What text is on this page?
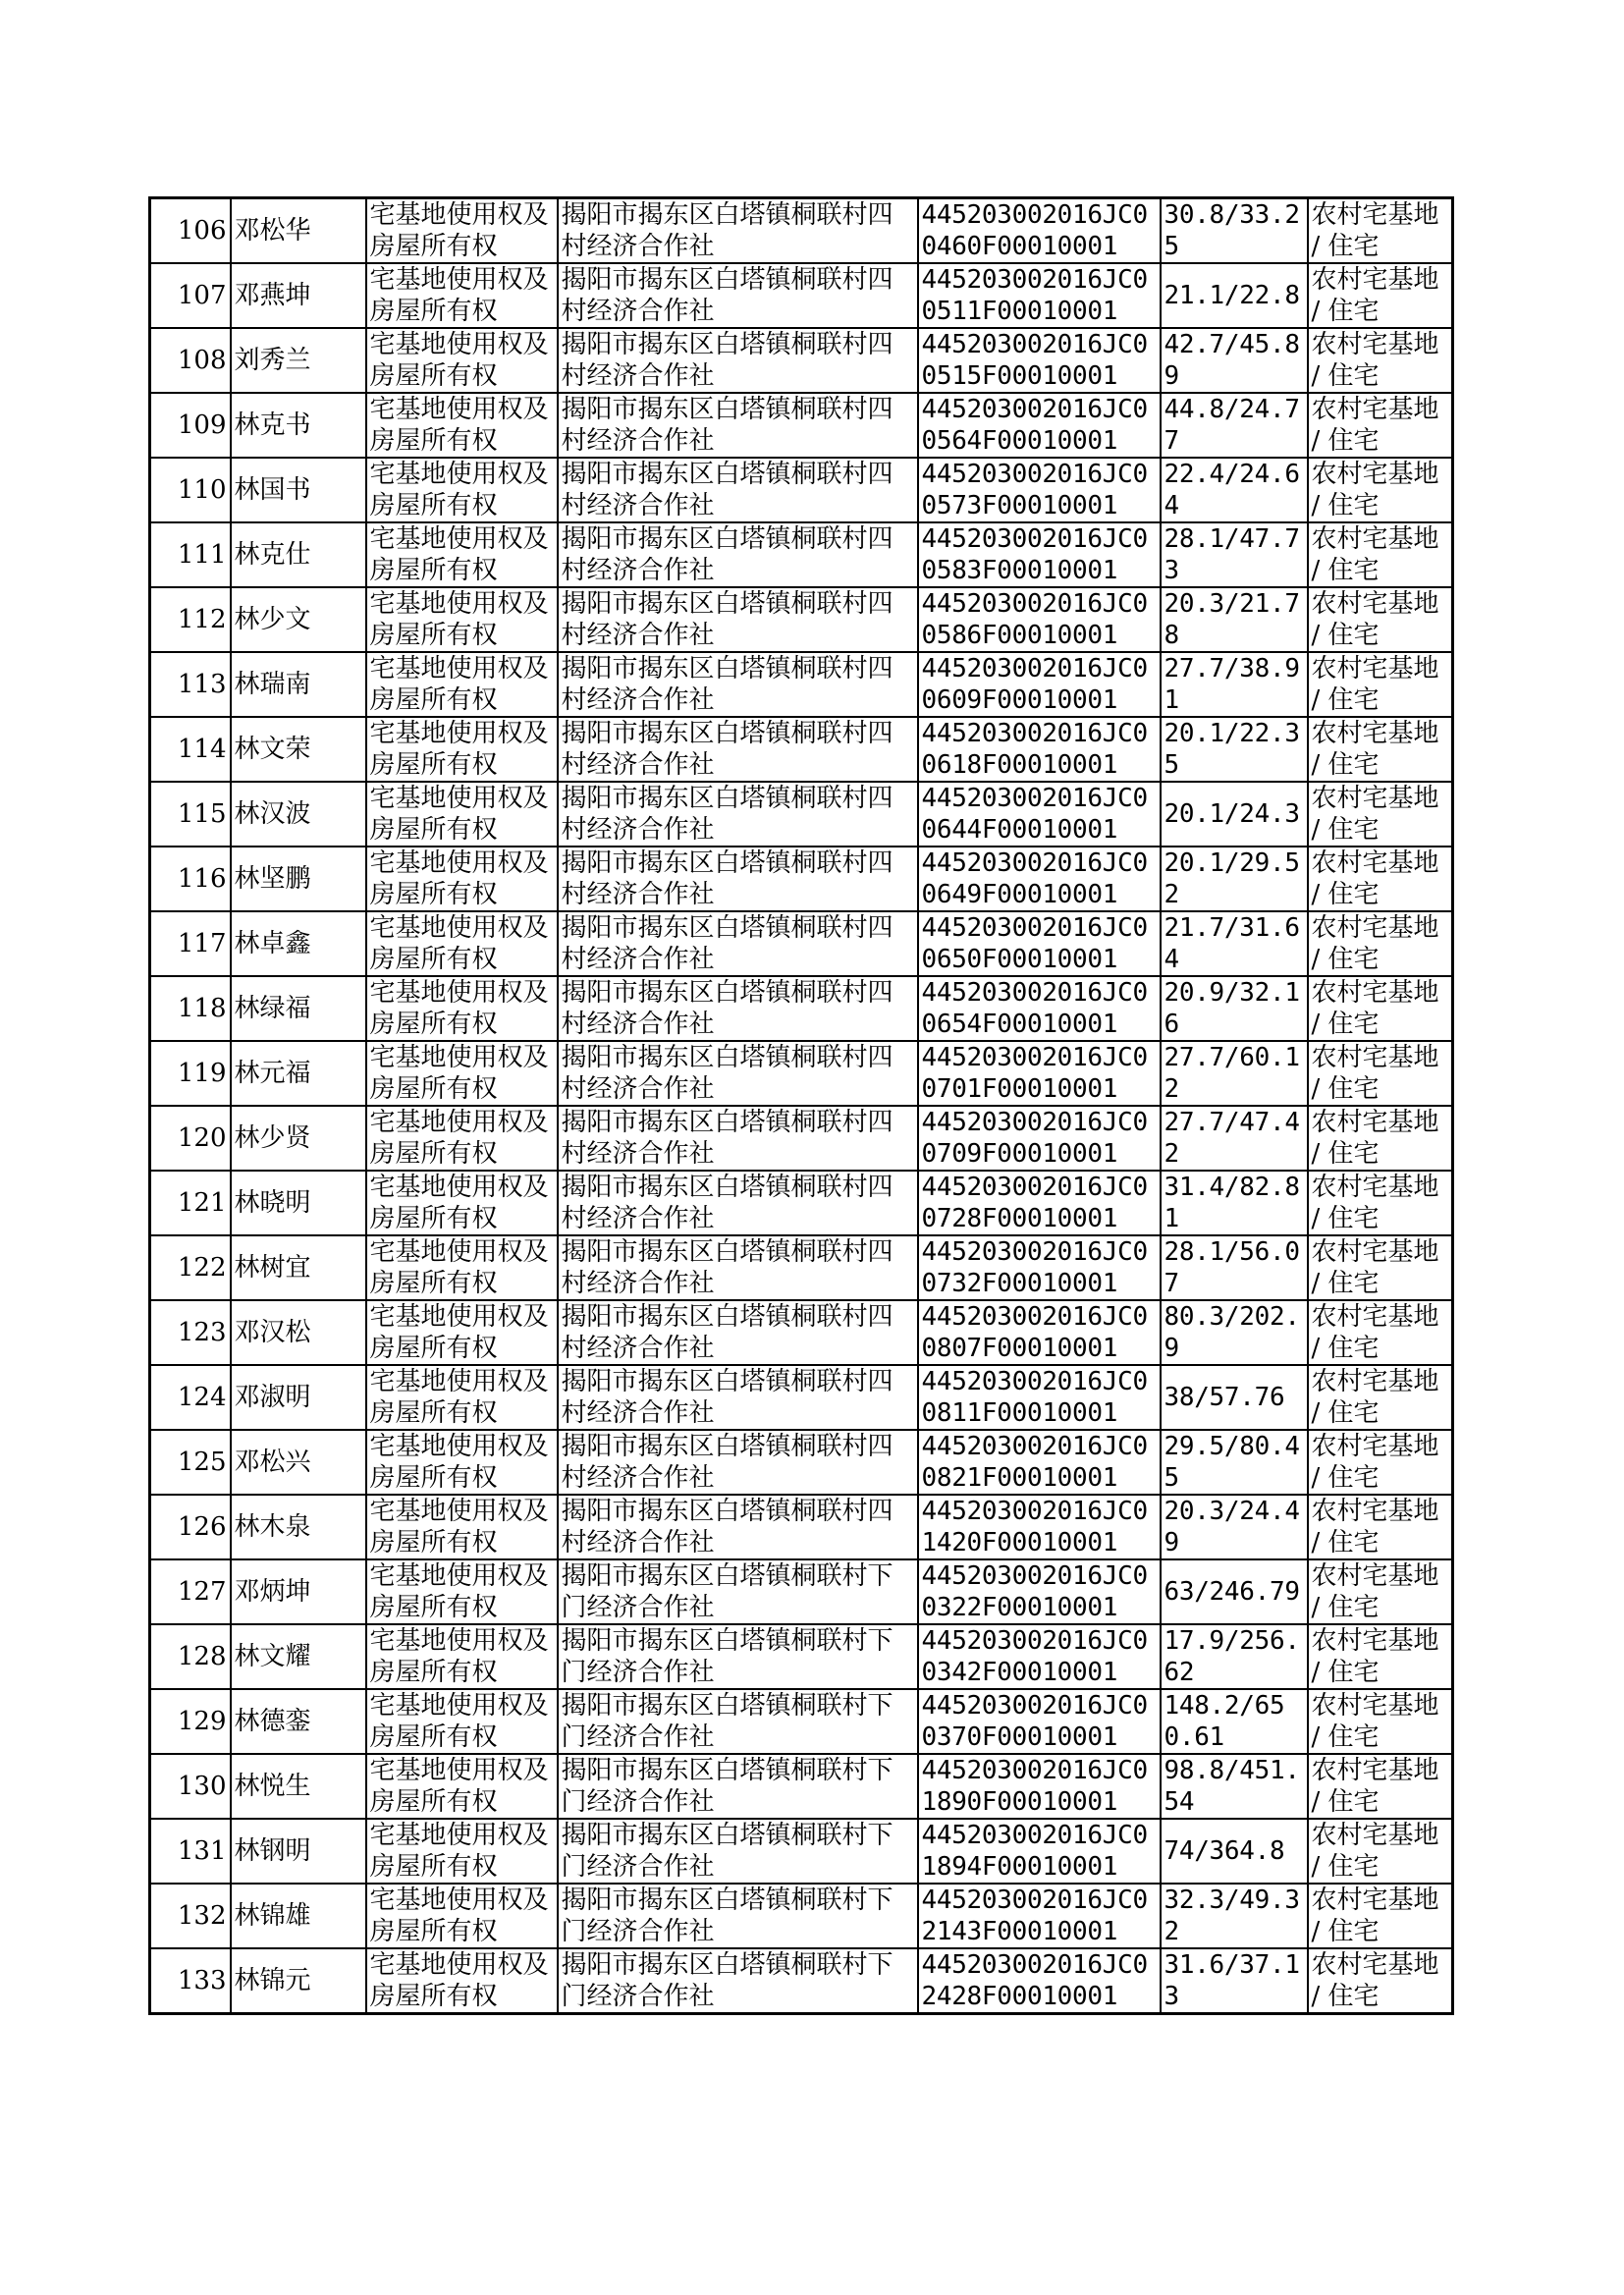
106	邓松华	宅基地使用权及房屋所有权	揭阳市揭东区白塔镇桐联村四村经济合作社	445203002016JC00460F00010001	30.8/33.25	农村宅基地 / 住宅
107	邓燕坤	宅基地使用权及房屋所有权	揭阳市揭东区白塔镇桐联村四村经济合作社	445203002016JC00511F00010001	21.1/22.8	农村宅基地 / 住宅
108	刘秀兰	宅基地使用权及房屋所有权	揭阳市揭东区白塔镇桐联村四村经济合作社	445203002016JC00515F00010001	42.7/45.89	农村宅基地 / 住宅
109	林克书	宅基地使用权及房屋所有权	揭阳市揭东区白塔镇桐联村四村经济合作社	445203002016JC00564F00010001	44.8/24.77	农村宅基地 / 住宅
110	林国书	宅基地使用权及房屋所有权	揭阳市揭东区白塔镇桐联村四村经济合作社	445203002016JC00573F00010001	22.4/24.64	农村宅基地 / 住宅
111	林克仕	宅基地使用权及房屋所有权	揭阳市揭东区白塔镇桐联村四村经济合作社	445203002016JC00583F00010001	28.1/47.73	农村宅基地 / 住宅
112	林少文	宅基地使用权及房屋所有权	揭阳市揭东区白塔镇桐联村四村经济合作社	445203002016JC00586F00010001	20.3/21.78	农村宅基地 / 住宅
113	林瑞南	宅基地使用权及房屋所有权	揭阳市揭东区白塔镇桐联村四村经济合作社	445203002016JC00609F00010001	27.7/38.91	农村宅基地 / 住宅
114	林文荣	宅基地使用权及房屋所有权	揭阳市揭东区白塔镇桐联村四村经济合作社	445203002016JC00618F00010001	20.1/22.35	农村宅基地 / 住宅
115	林汉波	宅基地使用权及房屋所有权	揭阳市揭东区白塔镇桐联村四村经济合作社	445203002016JC00644F00010001	20.1/24.3	农村宅基地 / 住宅
116	林坚鹏	宅基地使用权及房屋所有权	揭阳市揭东区白塔镇桐联村四村经济合作社	445203002016JC00649F00010001	20.1/29.52	农村宅基地 / 住宅
117	林卓鑫	宅基地使用权及房屋所有权	揭阳市揭东区白塔镇桐联村四村经济合作社	445203002016JC00650F00010001	21.7/31.64	农村宅基地 / 住宅
118	林绿福	宅基地使用权及房屋所有权	揭阳市揭东区白塔镇桐联村四村经济合作社	445203002016JC00654F00010001	20.9/32.16	农村宅基地 / 住宅
119	林元福	宅基地使用权及房屋所有权	揭阳市揭东区白塔镇桐联村四村经济合作社	445203002016JC00701F00010001	27.7/60.12	农村宅基地 / 住宅
120	林少贤	宅基地使用权及房屋所有权	揭阳市揭东区白塔镇桐联村四村经济合作社	445203002016JC00709F00010001	27.7/47.42	农村宅基地 / 住宅
121	林晓明	宅基地使用权及房屋所有权	揭阳市揭东区白塔镇桐联村四村经济合作社	445203002016JC00728F00010001	31.4/82.81	农村宅基地 / 住宅
122	林树宜	宅基地使用权及房屋所有权	揭阳市揭东区白塔镇桐联村四村经济合作社	445203002016JC00732F00010001	28.1/56.07	农村宅基地 / 住宅
123	邓汉松	宅基地使用权及房屋所有权	揭阳市揭东区白塔镇桐联村四村经济合作社	445203002016JC00807F00010001	80.3/202.9	农村宅基地 / 住宅
124	邓淑明	宅基地使用权及房屋所有权	揭阳市揭东区白塔镇桐联村四村经济合作社	445203002016JC00811F00010001	38/57.76	农村宅基地 / 住宅
125	邓松兴	宅基地使用权及房屋所有权	揭阳市揭东区白塔镇桐联村四村经济合作社	445203002016JC00821F00010001	29.5/80.45	农村宅基地 / 住宅
126	林木泉	宅基地使用权及房屋所有权	揭阳市揭东区白塔镇桐联村四村经济合作社	445203002016JC01420F00010001	20.3/24.49	农村宅基地 / 住宅
127	邓炳坤	宅基地使用权及房屋所有权	揭阳市揭东区白塔镇桐联村下门经济合作社	445203002016JC00322F00010001	63/246.79	农村宅基地 / 住宅
128	林文耀	宅基地使用权及房屋所有权	揭阳市揭东区白塔镇桐联村下门经济合作社	445203002016JC00342F00010001	17.9/256.62	农村宅基地 / 住宅
129	林德銮	宅基地使用权及房屋所有权	揭阳市揭东区白塔镇桐联村下门经济合作社	445203002016JC00370F00010001	148.2/650.61	农村宅基地 / 住宅
130	林悦生	宅基地使用权及房屋所有权	揭阳市揭东区白塔镇桐联村下门经济合作社	445203002016JC01890F00010001	98.8/451.54	农村宅基地 / 住宅
131	林钢明	宅基地使用权及房屋所有权	揭阳市揭东区白塔镇桐联村下门经济合作社	445203002016JC01894F00010001	74/364.8	农村宅基地 / 住宅
132	林锦雄	宅基地使用权及房屋所有权	揭阳市揭东区白塔镇桐联村下门经济合作社	445203002016JC02143F00010001	32.3/49.32	农村宅基地 / 住宅
133	林锦元	宅基地使用权及房屋所有权	揭阳市揭东区白塔镇桐联村下门经济合作社	445203002016JC02428F00010001	31.6/37.13	农村宅基地 / 住宅
